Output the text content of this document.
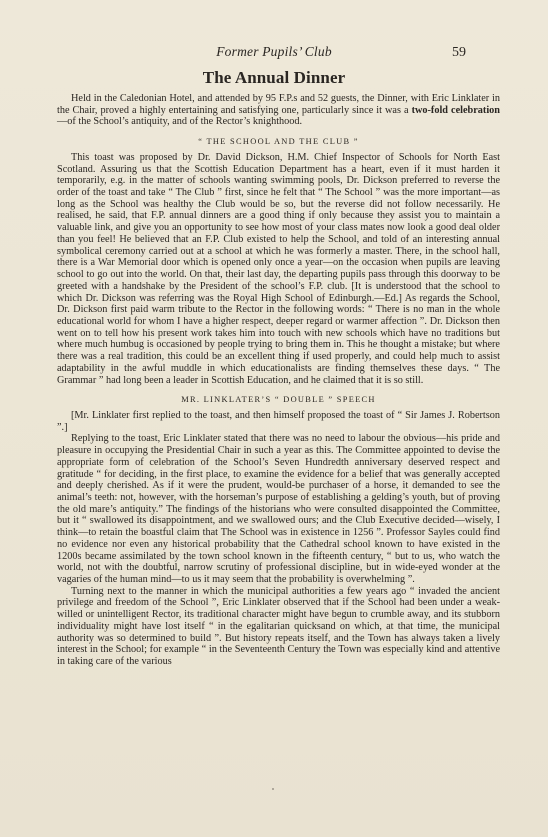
Former Pupils’ Club	59
The Annual Dinner

Held in the Caledonian Hotel, and attended by 95 F.P.s and 52 guests, the Dinner, with Eric Linklater in the Chair, proved a highly entertaining and satisfying one, particularly since it was a two-fold celebration—of the School’s antiquity, and of the Rector’s knighthood.

“ THE SCHOOL AND THE CLUB ”

This toast was proposed by Dr. David Dickson, H.M. Chief Inspector of Schools for North East Scotland. Assuring us that the Scottish Education Department has a heart, even if it must harden it temporarily, e.g. in the matter of schools wanting swimming pools, Dr. Dickson preferred to reverse the order of the toast and take “ The Club ” first, since he felt that “ The School ” was the more important—as long as the School was healthy the Club would be so, but the reverse did not follow necessarily. He realised, he said, that F.P. annual dinners are a good thing if only because they assist you to maintain a valuable link, and give you an opportunity to see how most of your class mates now look a good deal older than you feel! He believed that an F.P. Club existed to help the School, and told of an interesting annual symbolical ceremony carried out at a school at which he was formerly a master. There, in the school hall, there is a War Memorial door which is opened only once a year—on the occasion when pupils are leaving school to go out into the world. On that, their last day, the departing pupils pass through this doorway to be greeted with a handshake by the President of the school’s F.P. club. [It is understood that the school to which Dr. Dickson was referring was the Royal High School of Edinburgh.—Ed.] As regards the School, Dr. Dickson first paid warm tribute to the Rector in the following words: “ There is no man in the whole educational world for whom I have a higher respect, deeper regard or warmer affection ”. Dr. Dickson then went on to tell how his present work takes him into touch with new schools which have no traditions but where much humbug is occasioned by people trying to bring them in. This he thought a mistake; but where there was a real tradition, this could be an excellent thing if used properly, and could help much to assist adaptability in the awful muddle in which educationalists are finding themselves these days. “ The Grammar ” had long been a leader in Scottish Education, and he claimed that it is so still.

MR. LINKLATER’S “ DOUBLE ” SPEECH

[Mr. Linklater first replied to the toast, and then himself proposed the toast of “ Sir James J. Robertson ”.]

Replying to the toast, Eric Linklater stated that there was no need to labour the obvious—his pride and pleasure in occupying the Presidential Chair in such a year as this. The Committee appointed to devise the appropriate form of celebration of the School’s Seven Hundredth anniversary deserved respect and gratitude “ for deciding, in the first place, to examine the evidence for a belief that was generally accepted and deeply cherished. As if it were the prudent, would-be purchaser of a horse, it demanded to see the animal’s teeth: not, however, with the horseman’s purpose of establishing a gelding’s youth, but of proving the old mare’s antiquity.” The findings of the historians who were consulted disappointed the Committee, but it “ swallowed its disappointment, and we swallowed ours; and the Club Executive decided—wisely, I think—to retain the boastful claim that The School was in existence in 1256 ”. Professor Sayles could find no evidence nor even any historical probability that the Cathedral school known to have existed in the 1200s became assimilated by the town school known in the fifteenth century, “ but to us, who watch the world, not with the doubtful, narrow scrutiny of professional discipline, but in wide-eyed wonder at the vagaries of the human mind—to us it may seem that the probability is overwhelming ”.

Turning next to the manner in which the municipal authorities a few years ago “ invaded the ancient privilege and freedom of the School ”, Eric Linklater observed that if the School had been under a weak-willed or unintelligent Rector, its traditional character might have begun to crumble away, and its stubborn individuality might have lost itself “ in the egalitarian quicksand on which, at that time, the municipal authority was so determined to build ”. But history repeats itself, and the Town has always taken a lively interest in the School; for example “ in the Seventeenth Century the Town was especially kind and attentive in taking care of the various
